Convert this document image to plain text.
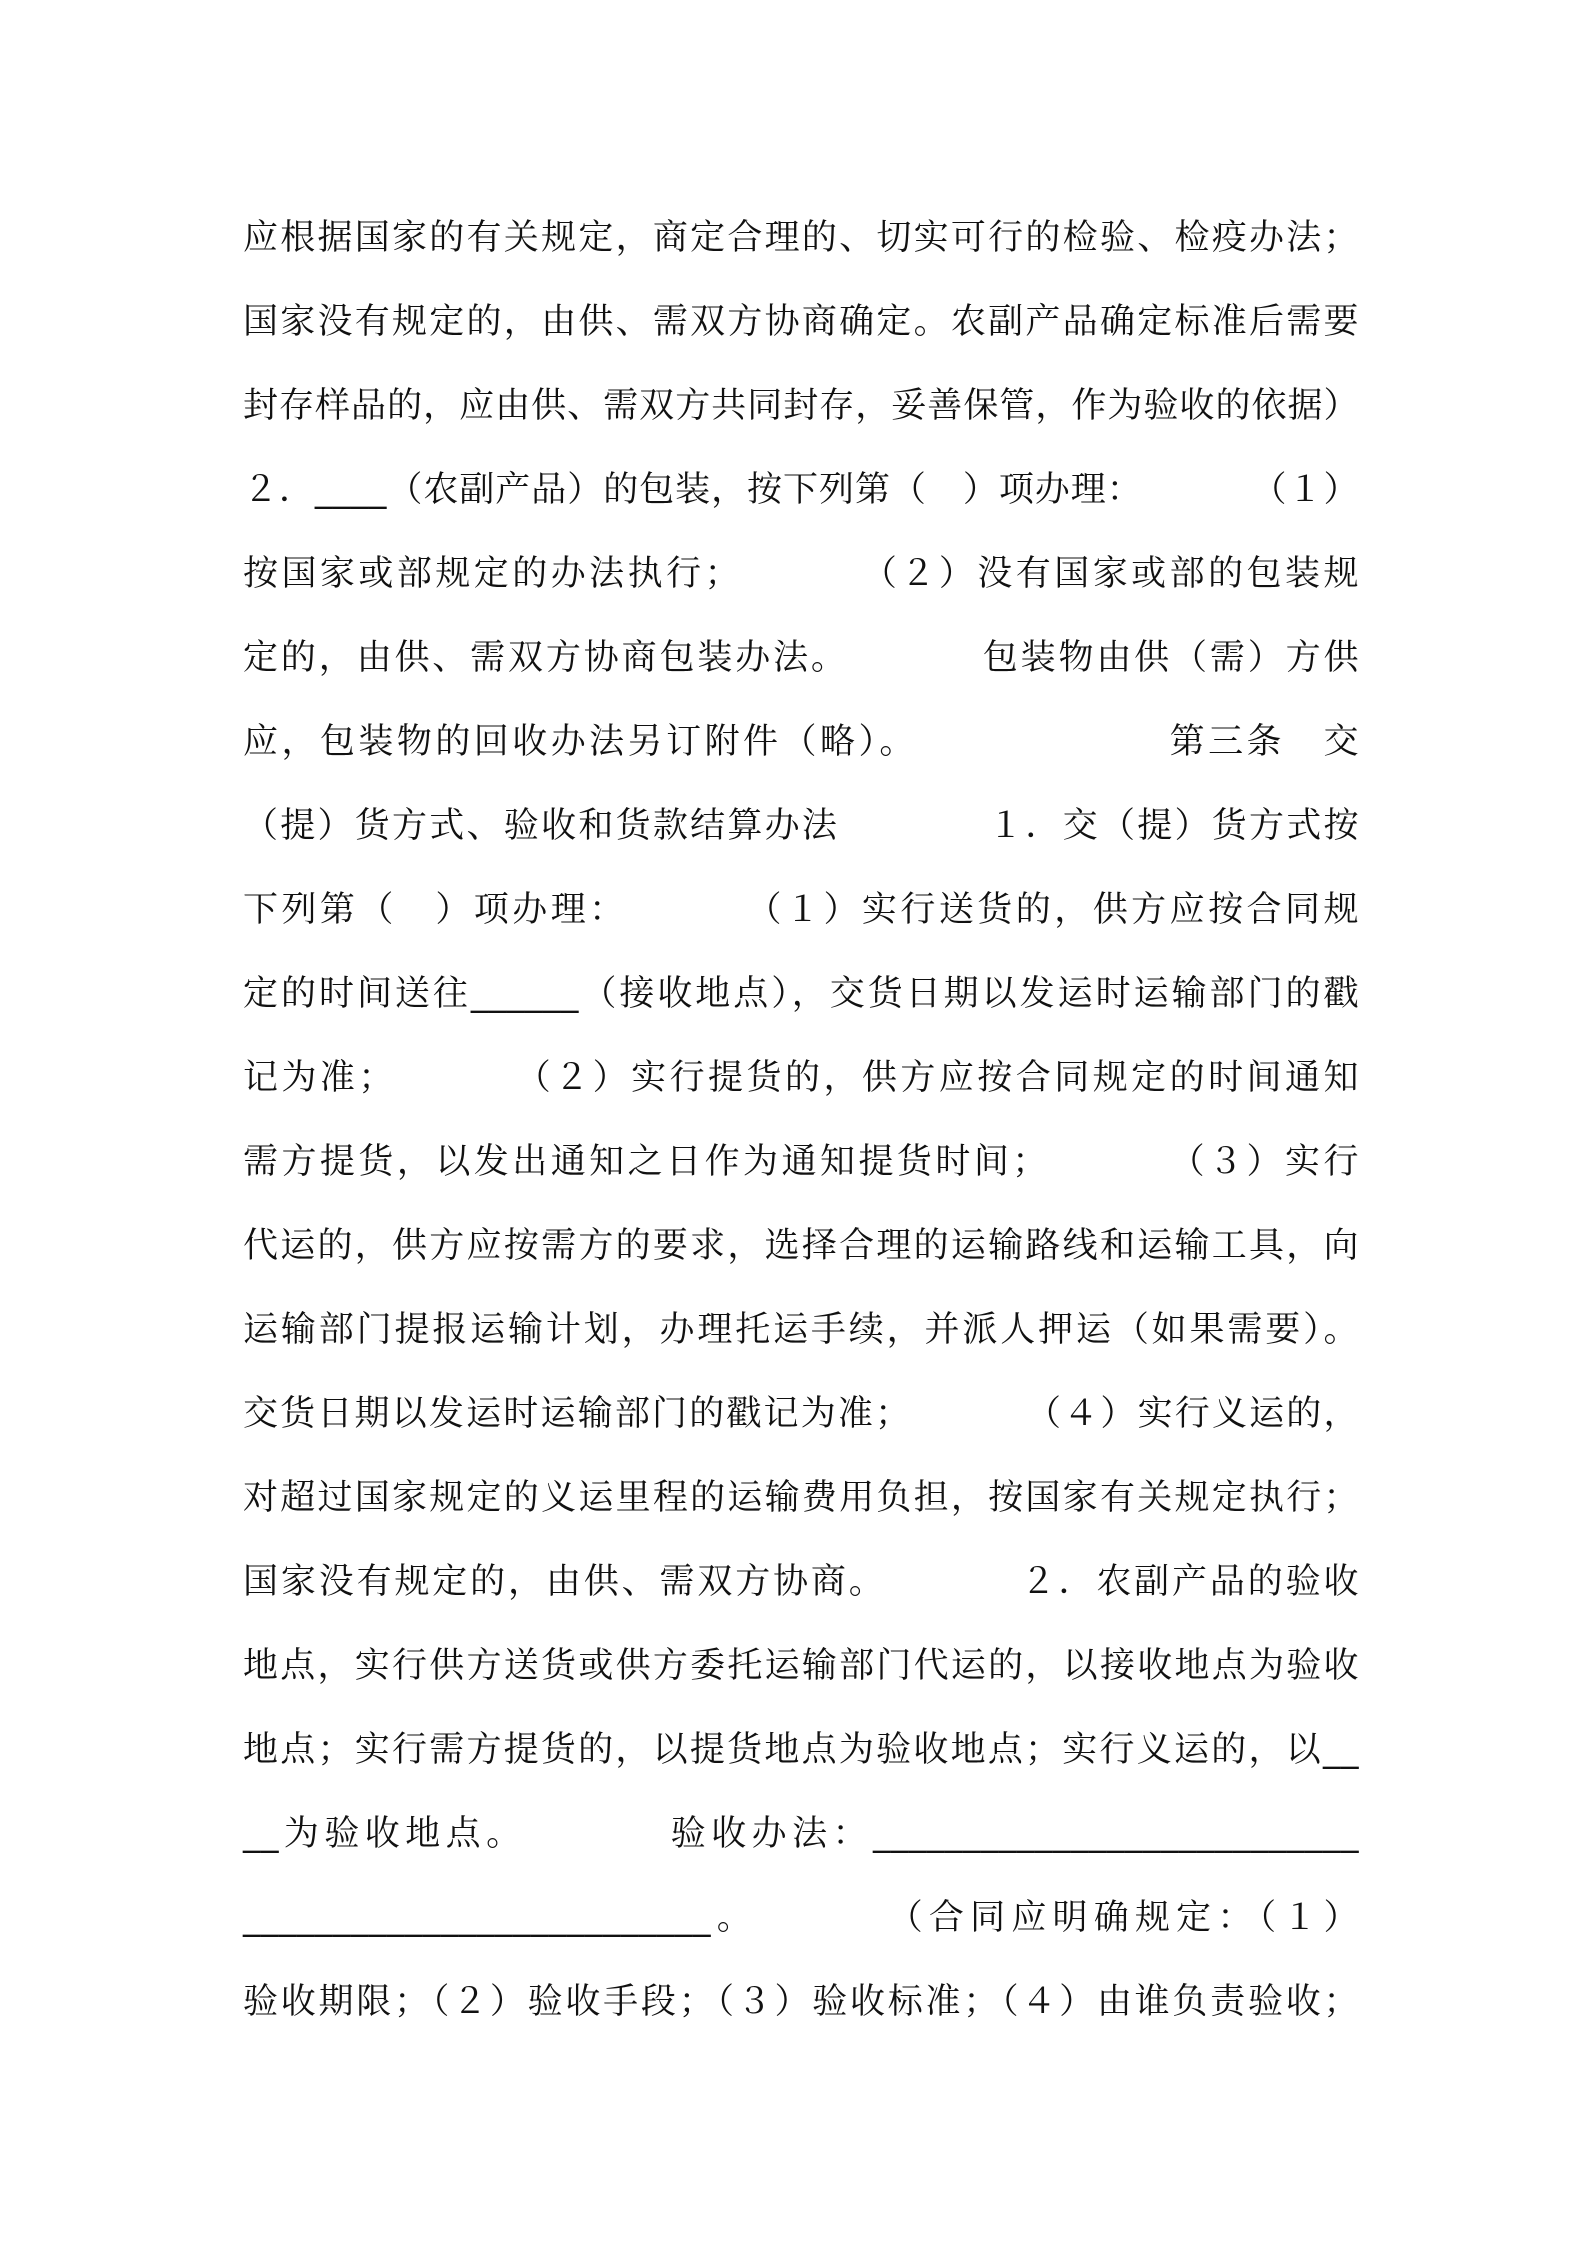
应根据国家的有关规定，商定合理的、切实可行的检验、检疫办法；
国家没有规定的，由供、需双方协商确定。农副产品确定标准后需要
封存样品的，应由供、需双方共同封存，妥善保管，作为验收的依据）
２．____（农副产品）的包装，按下列第（　）项办理：　　　　（１）
按国家或部规定的办法执行；　　　　（２）没有国家或部的包装规
定的，由供、需双方协商包装办法。　　　　包装物由供（需）方供
应，包装物的回收办法另订附件（略）。　　　　　　　第三条　交
（提）货方式、验收和货款结算办法　　　　１．交（提）货方式按
下列第（　）项办理：　　　　（１）实行送货的，供方应按合同规
定的时间送往______（接收地点），交货日期以发运时运输部门的戳
记为准；　　　　（２）实行提货的，供方应按合同规定的时间通知
需方提货，以发出通知之日作为通知提货时间；　　　　（３）实行
代运的，供方应按需方的要求，选择合理的运输路线和运输工具，向
运输部门提报运输计划，办理托运手续，并派人押运（如果需要）。
交货日期以发运时运输部门的戳记为准；　　　　（４）实行义运的，
对超过国家规定的义运里程的运输费用负担，按国家有关规定执行；
国家没有规定的，由供、需双方协商。　　　　２．农副产品的验收
地点，实行供方送货或供方委托运输部门代运的，以接收地点为验收
地点；实行需方提货的，以提货地点为验收地点；实行义运的，以__
__为验收地点。　　　　验收办法：___________________________
__________________________。　　　　（合同应明确规定：（１）
验收期限；（２）验收手段；（３）验收标准；（４）由谁负责验收；
